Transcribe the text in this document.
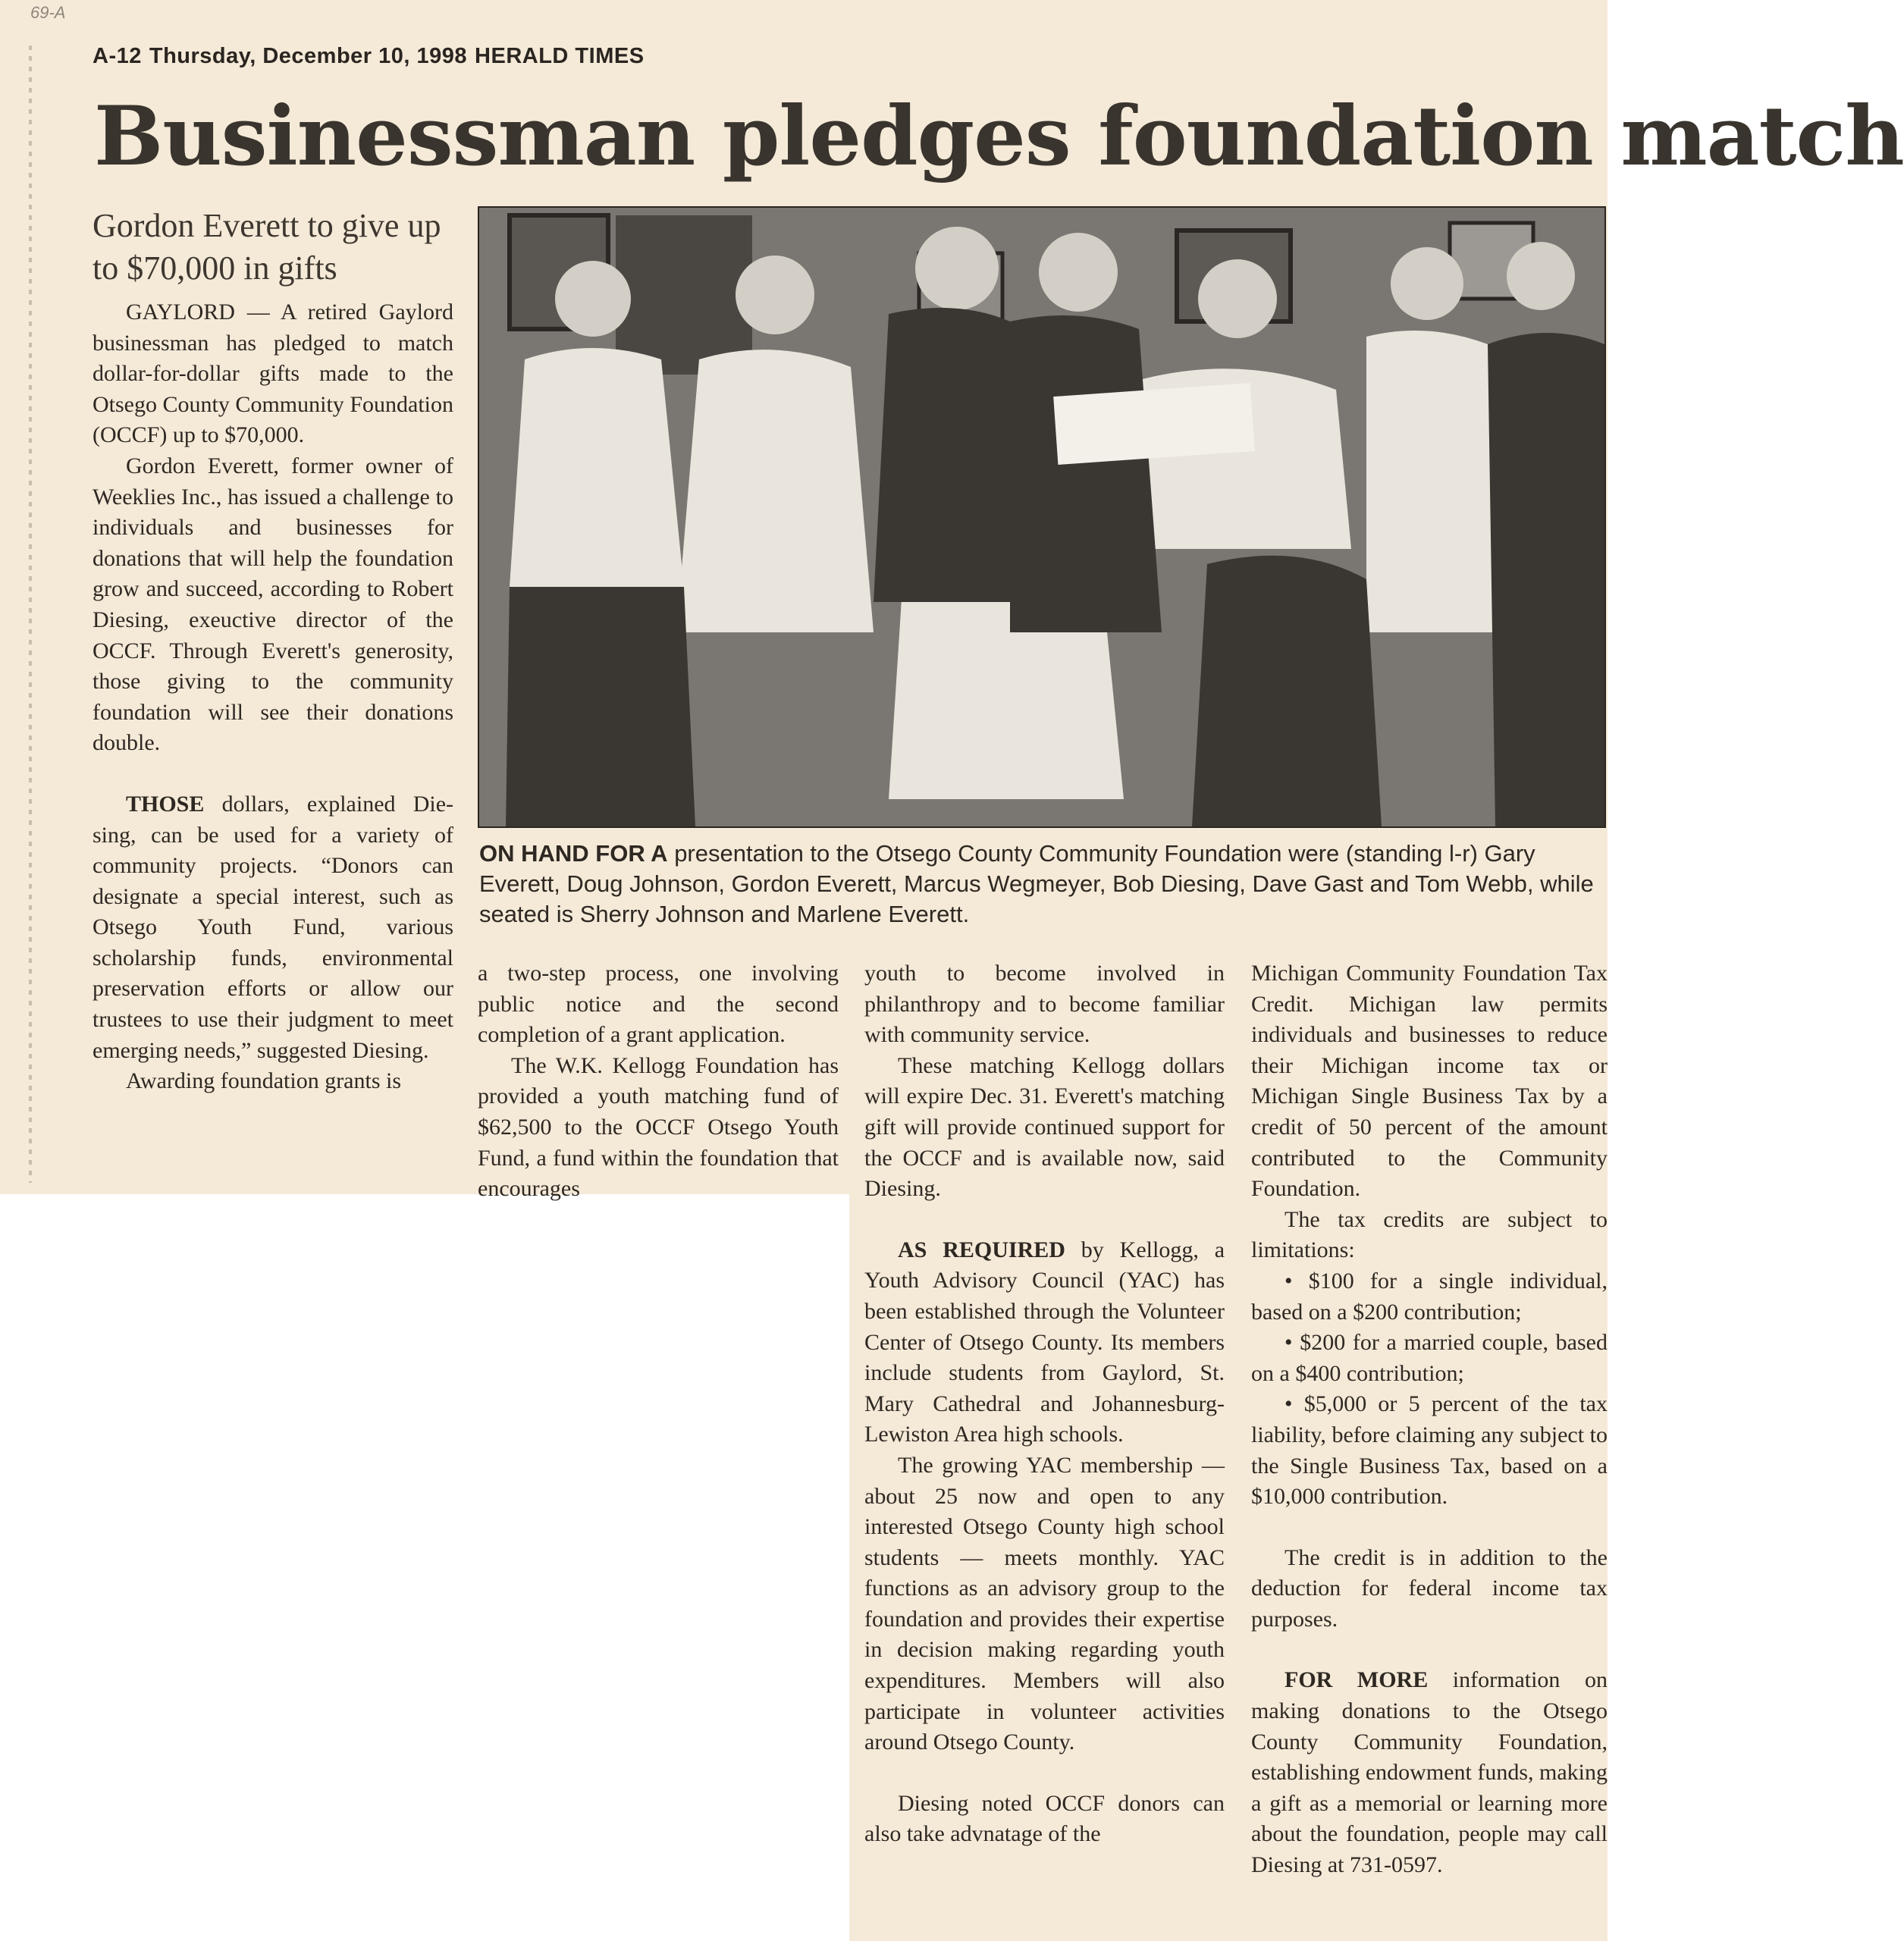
69-A
A-12 Thursday, December 10, 1998 HERALD TIMES
Businessman pledges foundation match
Gordon Everett to give up to $70,000 in gifts

GAYLORD — A retired Gaylord businessman has pledged to match dollar-for-dollar gifts made to the Otsego County Community Foundation (OCCF) up to $70,000.

Gordon Everett, former owner of Weeklies Inc., has issued a challenge to individuals and businesses for donations that will help the foundation grow and succeed, according to Robert Diesing, exeuctive director of the OCCF. Through Everett's generosity, those giving to the community foundation will see their donations double.

THOSE dollars, explained Die-sing, can be used for a variety of community projects. “Donors can designate a special interest, such as Otsego Youth Fund, various scholarship funds, environmental preservation efforts or allow our trustees to use their judgment to meet emerging needs,” suggested Diesing.

Awarding foundation grants is

ON HAND FOR A presentation to the Otsego County Community Foundation were (standing l-r) Gary Everett, Doug Johnson, Gordon Everett, Marcus Wegmeyer, Bob Diesing, Dave Gast and Tom Webb, while seated is Sherry Johnson and Marlene Everett.

a two-step process, one involving public notice and the second completion of a grant application.

The W.K. Kellogg Foundation has provided a youth matching fund of $62,500 to the OCCF Otsego Youth Fund, a fund within the foundation that encourages

youth to become involved in philanthropy and to become familiar with community service.

These matching Kellogg dollars will expire Dec. 31. Everett's matching gift will provide continued support for the OCCF and is available now, said Diesing.

AS REQUIRED by Kellogg, a Youth Advisory Council (YAC) has been established through the Volunteer Center of Otsego County. Its members include students from Gaylord, St. Mary Cathedral and Johannesburg-Lewiston Area high schools.

The growing YAC membership — about 25 now and open to any interested Otsego County high school students — meets monthly. YAC functions as an advisory group to the foundation and provides their expertise in decision making regarding youth expenditures. Members will also participate in volunteer activities around Otsego County.

Diesing noted OCCF donors can also take advnatage of the

Michigan Community Foundation Tax Credit. Michigan law permits individuals and businesses to reduce their Michigan income tax or Michigan Single Business Tax by a credit of 50 percent of the amount contributed to the Community Foundation.

The tax credits are subject to limitations:

• $100 for a single individual, based on a $200 contribution;

• $200 for a married couple, based on a $400 contribution;

• $5,000 or 5 percent of the tax liability, before claiming any subject to the Single Business Tax, based on a $10,000 contribution.

The credit is in addition to the deduction for federal income tax purposes.

FOR MORE information on making donations to the Otsego County Community Foundation, establishing endowment funds, making a gift as a memorial or learning more about the foundation, people may call Diesing at 731-0597.
